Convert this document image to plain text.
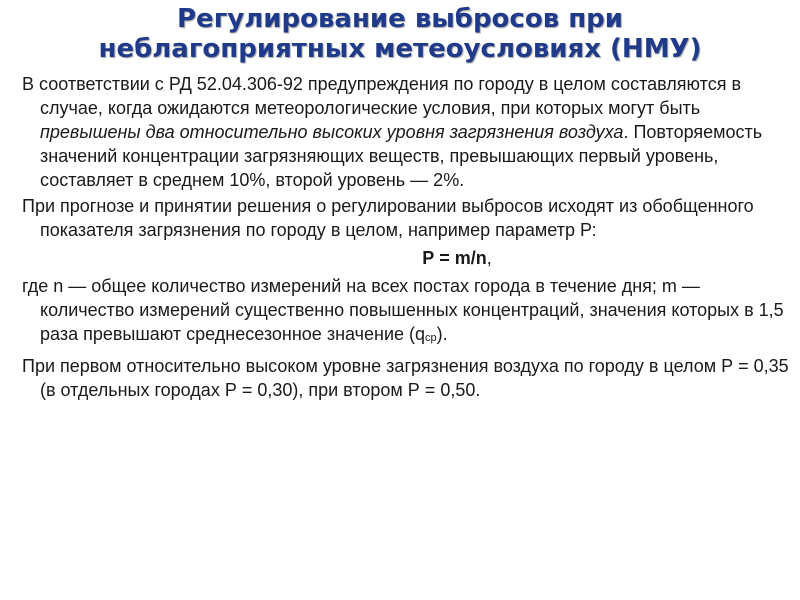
Регулирование выбросов при
неблагоприятных метеоусловиях (НМУ)

В соответствии с РД 52.04.306-92 предупреждения по городу в целом составляются в случае, когда ожидаются метеорологические условия, при которых могут быть превышены два относительно высоких уровня загрязнения воздуха. Повторяемость значений концентрации загрязняющих веществ, превышающих первый уровень, составляет в среднем 10%, второй уровень — 2%.

При прогнозе и принятии решения о регулировании выбросов исходят из обобщенного показателя загрязнения по городу в целом, например параметр Р:

Р = m/n,

где n — общее количество измерений на всех постах города в течение дня; m — количество измерений существенно повышенных концентраций, значения которых в 1,5 раза превышают среднесезонное значение $(q_{ср})$.

При первом относительно высоком уровне загрязнения воздуха по городу в целом Р = 0,35 (в отдельных городах Р = 0,30), при втором Р = 0,50.
